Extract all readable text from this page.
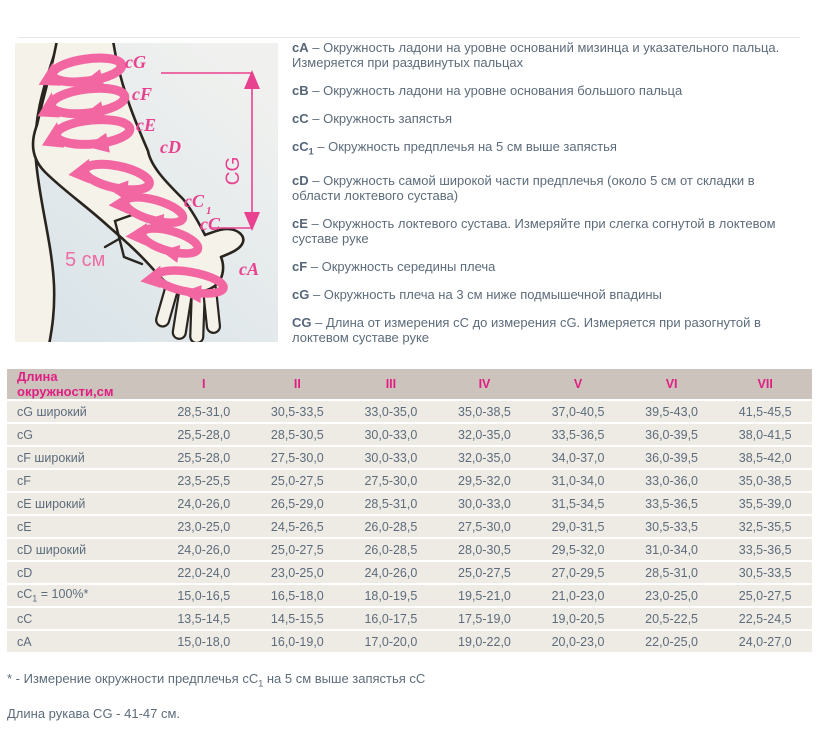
cG
cF
cE
cD
cC 1
cC
cA
5 см
CG

cA – Окружность ладони на уровне оснований мизинца и указательного пальца. Измеряется при раздвинутых пальцах

cB – Окружность ладони на уровне основания большого пальца

cC – Окружность запястья

$cC_1$ – Окружность предплечья на 5 см выше запястья

cD – Окружность самой широкой части предплечья (около 5 см от складки в области локтевого сустава)

cE – Окружность локтевого сустава. Измеряйте при слегка согнутой в локтевом суставе руке

cF – Окружность середины плеча

cG – Окружность плеча на 3 см ниже подмышечной впадины

CG – Длина от измерения cC до измерения cG. Измеряется при разогнутой в локтевом суставе руке

Длина окружности,см	I	II	III	IV	V	VI	VII
cG широкий	28,5-31,0	30,5-33,5	33,0-35,0	35,0-38,5	37,0-40,5	39,5-43,0	41,5-45,5
cG	25,5-28,0	28,5-30,5	30,0-33,0	32,0-35,0	33,5-36,5	36,0-39,5	38,0-41,5
cF широкий	25,5-28,0	27,5-30,0	30,0-33,0	32,0-35,0	34,0-37,0	36,0-39,5	38,5-42,0
cF	23,5-25,5	25,0-27,5	27,5-30,0	29,5-32,0	31,0-34,0	33,0-36,0	35,0-38,5
cE широкий	24,0-26,0	26,5-29,0	28,5-31,0	30,0-33,0	31,5-34,5	33,5-36,5	35,5-39,0
cE	23,0-25,0	24,5-26,5	26,0-28,5	27,5-30,0	29,0-31,5	30,5-33,5	32,5-35,5
cD широкий	24,0-26,0	25,0-27,5	26,0-28,5	28,0-30,5	29,5-32,0	31,0-34,0	33,5-36,5
cD	22,0-24,0	23,0-25,0	24,0-26,0	25,0-27,5	27,0-29,5	28,5-31,0	30,5-33,5
$cC_1 = 100\%*$	15,0-16,5	16,5-18,0	18,0-19,5	19,5-21,0	21,0-23,0	23,0-25,0	25,0-27,5
cC	13,5-14,5	14,5-15,5	16,0-17,5	17,5-19,0	19,0-20,5	20,5-22,5	22,5-24,5
cA	15,0-18,0	16,0-19,0	17,0-20,0	19,0-22,0	20,0-23,0	22,0-25,0	24,0-27,0

* - Измерение окружности предплечья $cC_1$ на 5 см выше запястья cC

Длина рукава CG - 41-47 см.
